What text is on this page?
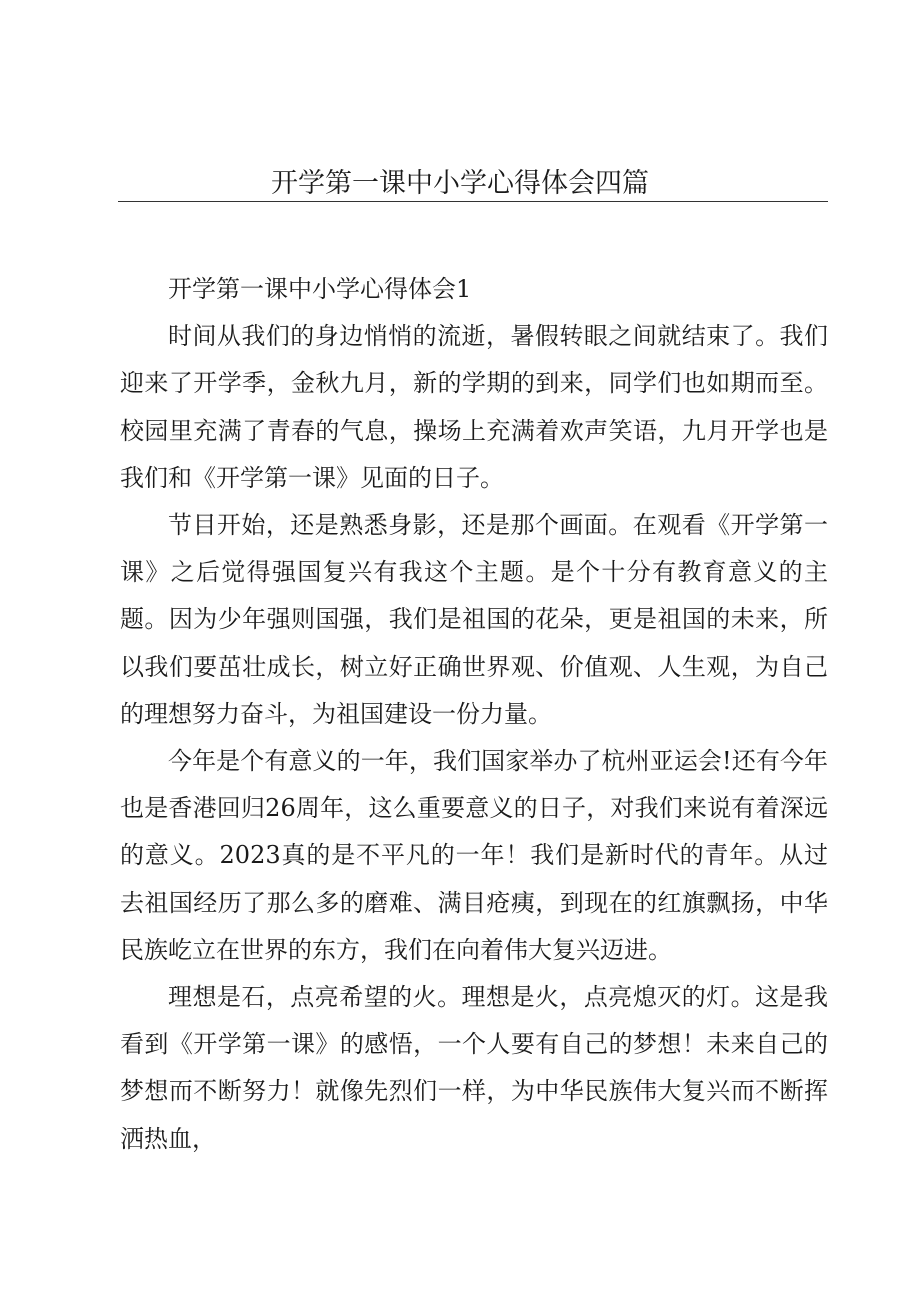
开学第一课中小学心得体会四篇

开学第一课中小学心得体会1

时间从我们的身边悄悄的流逝，暑假转眼之间就结束了。我们迎来了开学季，金秋九月，新的学期的到来，同学们也如期而至。校园里充满了青春的气息，操场上充满着欢声笑语，九月开学也是我们和《开学第一课》见面的日子。

节目开始，还是熟悉身影，还是那个画面。在观看《开学第一课》之后觉得强国复兴有我这个主题。是个十分有教育意义的主题。因为少年强则国强，我们是祖国的花朵，更是祖国的未来，所以我们要茁壮成长，树立好正确世界观、价值观、人生观，为自己的理想努力奋斗，为祖国建设一份力量。

今年是个有意义的一年，我们国家举办了杭州亚运会!还有今年也是香港回归26周年，这么重要意义的日子，对我们来说有着深远的意义。2023真的是不平凡的一年！我们是新时代的青年。从过去祖国经历了那么多的磨难、满目疮痍，到现在的红旗飘扬，中华民族屹立在世界的东方，我们在向着伟大复兴迈进。

理想是石，点亮希望的火。理想是火，点亮熄灭的灯。这是我看到《开学第一课》的感悟，一个人要有自己的梦想！未来自己的梦想而不断努力！就像先烈们一样，为中华民族伟大复兴而不断挥洒热血，
